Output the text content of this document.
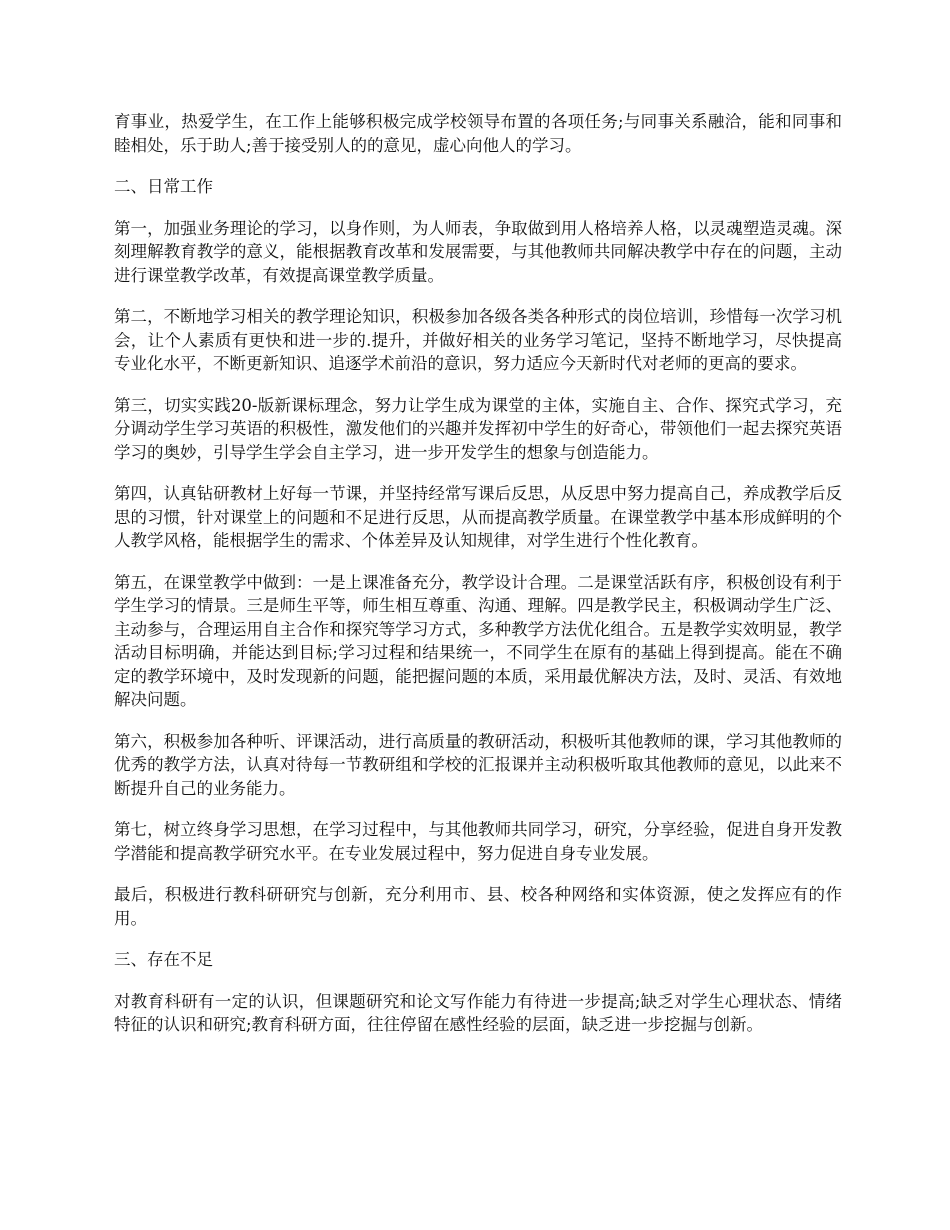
育事业，热爱学生，在工作上能够积极完成学校领导布置的各项任务;与同事关系融洽，能和同事和睦相处，乐于助人;善于接受别人的的意见，虚心向他人的学习。

二、日常工作

第一，加强业务理论的学习，以身作则，为人师表，争取做到用人格培养人格，以灵魂塑造灵魂。深刻理解教育教学的意义，能根据教育改革和发展需要，与其他教师共同解决教学中存在的问题，主动进行课堂教学改革，有效提高课堂教学质量。

第二，不断地学习相关的教学理论知识，积极参加各级各类各种形式的岗位培训，珍惜每一次学习机会，让个人素质有更快和进一步的.提升，并做好相关的业务学习笔记，坚持不断地学习，尽快提高专业化水平，不断更新知识、追逐学术前沿的意识，努力适应今天新时代对老师的更高的要求。

第三，切实实践20-版新课标理念，努力让学生成为课堂的主体，实施自主、合作、探究式学习，充分调动学生学习英语的积极性，激发他们的兴趣并发挥初中学生的好奇心，带领他们一起去探究英语学习的奥妙，引导学生学会自主学习，进一步开发学生的想象与创造能力。

第四，认真钻研教材上好每一节课，并坚持经常写课后反思，从反思中努力提高自己，养成教学后反思的习惯，针对课堂上的问题和不足进行反思，从而提高教学质量。在课堂教学中基本形成鲜明的个人教学风格，能根据学生的需求、个体差异及认知规律，对学生进行个性化教育。

第五，在课堂教学中做到：一是上课准备充分，教学设计合理。二是课堂活跃有序，积极创设有利于学生学习的情景。三是师生平等，师生相互尊重、沟通、理解。四是教学民主，积极调动学生广泛、主动参与，合理运用自主合作和探究等学习方式，多种教学方法优化组合。五是教学实效明显，教学活动目标明确，并能达到目标;学习过程和结果统一，不同学生在原有的基础上得到提高。能在不确定的教学环境中，及时发现新的问题，能把握问题的本质，采用最优解决方法，及时、灵活、有效地解决问题。

第六，积极参加各种听、评课活动，进行高质量的教研活动，积极听其他教师的课，学习其他教师的优秀的教学方法，认真对待每一节教研组和学校的汇报课并主动积极听取其他教师的意见，以此来不断提升自己的业务能力。

第七，树立终身学习思想，在学习过程中，与其他教师共同学习，研究，分享经验，促进自身开发教学潜能和提高教学研究水平。在专业发展过程中，努力促进自身专业发展。

最后，积极进行教科研研究与创新，充分利用市、县、校各种网络和实体资源，使之发挥应有的作用。

三、存在不足

对教育科研有一定的认识，但课题研究和论文写作能力有待进一步提高;缺乏对学生心理状态、情绪特征的认识和研究;教育科研方面，往往停留在感性经验的层面，缺乏进一步挖掘与创新。
